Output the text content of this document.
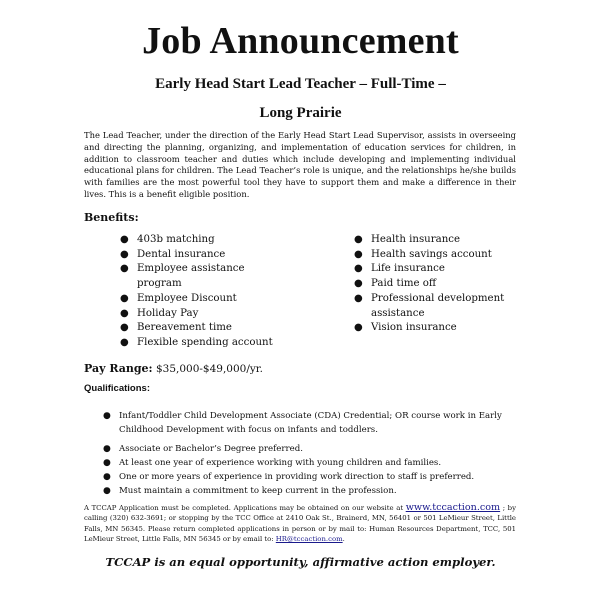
Job Announcement
Early Head Start Lead Teacher – Full-Time –
Long Prairie
The Lead Teacher, under the direction of the Early Head Start Lead Supervisor, assists in overseeing and directing the planning, organizing, and implementation of education services for children, in addition to classroom teacher and duties which include developing and implementing individual educational plans for children. The Lead Teacher’s role is unique, and the relationships he/she builds with families are the most powerful tool they have to support them and make a difference in their lives. This is a benefit eligible position.
Benefits:
● 403b matching
● Dental insurance
● Employee assistance program
● Employee Discount
● Holiday Pay
● Bereavement time
● Flexible spending account
● Health insurance
● Health savings account
● Life insurance
● Paid time off
● Professional development assistance
● Vision insurance
Pay Range: $35,000-$49,000/yr.
Qualifications:
● Infant/Toddler Child Development Associate (CDA) Credential; OR course work in Early Childhood Development with focus on infants and toddlers.
● Associate or Bachelor’s Degree preferred.
● At least one year of experience working with young children and families.
● One or more years of experience in providing work direction to staff is preferred.
● Must maintain a commitment to keep current in the profession.
A TCCAP Application must be completed. Applications may be obtained on our website at www.tccaction.com ; by calling (320) 632-3691; or stopping by the TCC Office at 2410 Oak St., Brainerd, MN, 56401 or 501 LeMieur Street, Little Falls, MN 56345. Please return completed applications in person or by mail to: Human Resources Department, TCC, 501 LeMieur Street, Little Falls, MN 56345 or by email to: HR@tccaction.com.
TCCAP is an equal opportunity, affirmative action employer.
